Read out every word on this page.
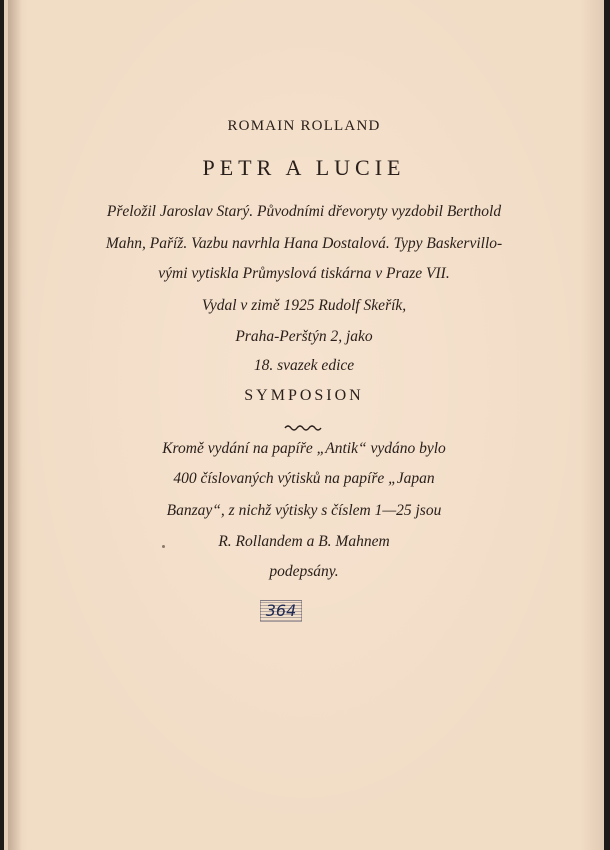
ROMAIN ROLLAND
PETR A LUCIE
Přeložil Jaroslav Starý. Původními dřevoryty vyzdobil Berthold
Mahn, Paříž. Vazbu navrhla Hana Dostalová. Typy Baskervillo-
vými vytiskla Průmyslová tiskárna v Praze VII.
Vydal v zimě 1925 Rudolf Skeřík,
Praha-Perštýn 2, jako
18. svazek edice
SYMPOSION
Kromě vydání na papíře „Antik“ vydáno bylo
400 číslovaných výtisků na papíře „Japan
Banzay“, z nichž výtisky s číslem 1—25 jsou
R. Rollandem a B. Mahnem
podepsány.
364
